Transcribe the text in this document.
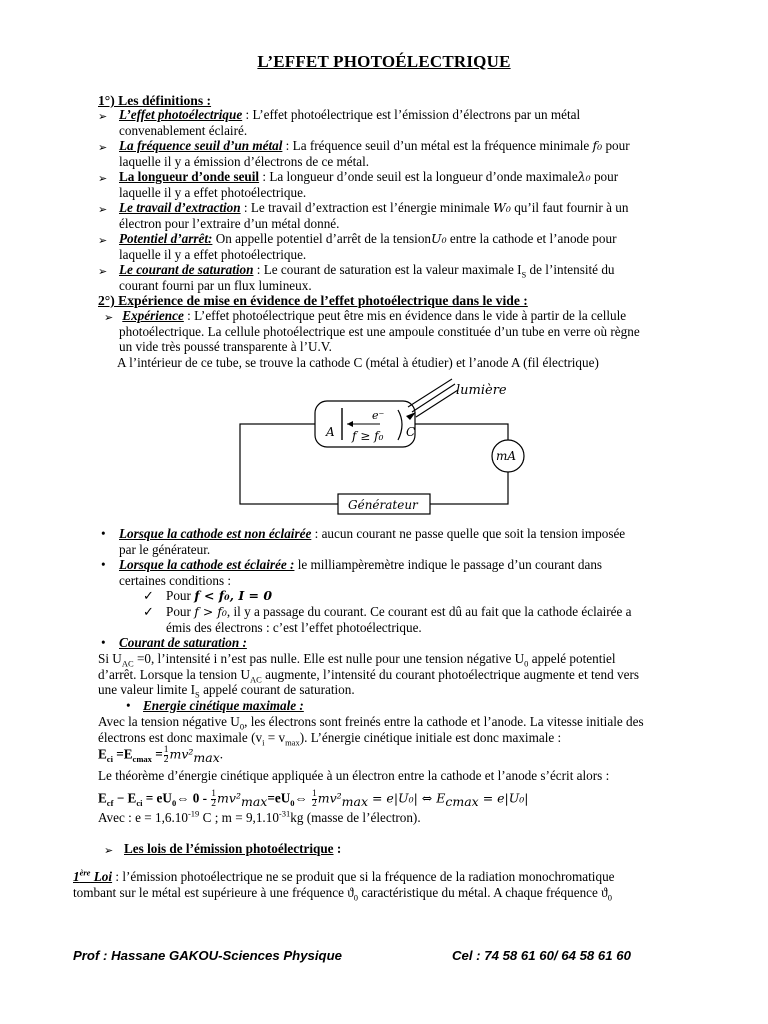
L’EFFET PHOTOÉLECTRIQUE
1°) Les définitions :
➢ L’effet photoélectrique : L’effet photoélectrique est l’émission d’électrons par un métal
convenablement éclairé.
➢ La fréquence seuil d’un métal : La fréquence seuil d’un métal est la fréquence minimale f₀ pour
laquelle il y a émission d’électrons de ce métal.
➢ La longueur d’onde seuil : La longueur d’onde seuil est la longueur d’onde maximaleλ₀ pour
laquelle il y a effet photoélectrique.
➢ Le travail d’extraction : Le travail d’extraction est l’énergie minimale W₀ qu’il faut fournir à un
électron pour l’extraire d’un métal donné.
➢ Potentiel d’arrêt: On appelle potentiel d’arrêt de la tensionU₀ entre la cathode et l’anode pour
laquelle il y a effet photoélectrique.
➢ Le courant de saturation : Le courant de saturation est la valeur maximale $I_S$ de l’intensité du
courant fourni par un flux lumineux.
2°) Expérience de mise en évidence de l’effet photoélectrique dans le vide :
➢ Expérience : L’effet photoélectrique peut être mis en évidence dans le vide à partir de la cellule
photoélectrique. La cellule photoélectrique est une ampoule constituée d’un tube en verre où règne
un vide très poussé transparente à l’U.V.
A l’intérieur de ce tube, se trouve la cathode C (métal à étudier) et l’anode A (fil électrique)
lumière
e⁻
A	C
f ≥ f₀
mA
Générateur
• Lorsque la cathode est non éclairée : aucun courant ne passe quelle que soit la tension imposée
par le générateur.
• Lorsque la cathode est éclairée : le milliampèremètre indique le passage d’un courant dans
certaines conditions :
✓ Pour f < f₀, I = 0
✓ Pour f > f₀, il y a passage du courant. Ce courant est dû au fait que la cathode éclairée a
émis des électrons : c’est l’effet photoélectrique.
• Courant de saturation :
Si $U_{AC} =0$, l’intensité i n’est pas nulle. Elle est nulle pour une tension négative $U_0$ appelé potentiel
d’arrêt. Lorsque la tension $U_{AC}$ augmente, l’intensité du courant photoélectrique augmente et tend vers
une valeur limite $I_S$ appelé courant de saturation.
• Energie cinétique maximale :
Avec la tension négative $U_0$, les électrons sont freinés entre la cathode et l’anode. La vitesse initiale des
électrons est donc maximale $(v_i = v_{max})$. L’énergie cinétique initiale est donc maximale :
$E_{ci} =E_{cmax} = \frac{1}{2} mv^2_{max}$.
Le théorème d’énergie cinétique appliquée à un électron entre la cathode et l’anode s’écrit alors :
$E_{cf} - E_{ci}$ = $eU_0\Leftrightarrow$ $0 - \frac{1}{2}$ $mv^2_{max}=eU_0\Leftrightarrow \frac{1}{2} mv^2_{max} = e|U_0|$ ⇔ $E_{cmax} = e|U_0|$
Avec : $e = 1,6.10^{-19}$ C ; $m = 9,1.10^{-31}kg$ (masse de l’électron).
➢ Les lois de l’émission photoélectrique :
1ère Loi : l’émission photoélectrique ne se produit que si la fréquence de la radiation monochromatique
tombant sur le métal est supérieure à une fréquence $ϑ_0$ caractéristique du métal. A chaque fréquence $ϑ_0$
Prof : Hassane GAKOU-Sciences Physique	Cel : 74 58 61 60/ 64 58 61 60
